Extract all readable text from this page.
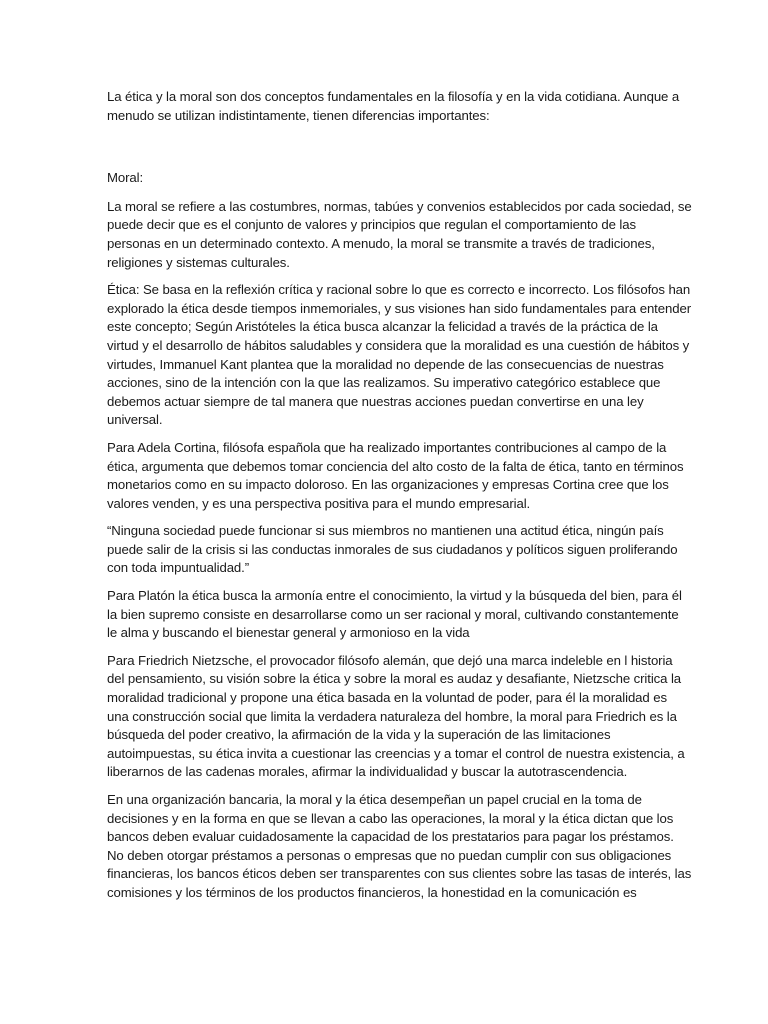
La ética y la moral son dos conceptos fundamentales en la filosofía y en la vida cotidiana. Aunque a menudo se utilizan indistintamente, tienen diferencias importantes:

Moral:

La moral se refiere a las costumbres, normas, tabúes y convenios establecidos por cada sociedad, se puede decir que es el conjunto de valores y principios que regulan el comportamiento de las personas en un determinado contexto. A menudo, la moral se transmite a través de tradiciones, religiones y sistemas culturales.

Ética: Se basa en la reflexión crítica y racional sobre lo que es correcto e incorrecto. Los filósofos han explorado la ética desde tiempos inmemoriales, y sus visiones han sido fundamentales para entender este concepto; Según Aristóteles la ética busca alcanzar la felicidad a través de la práctica de la virtud y el desarrollo de hábitos saludables y considera que la moralidad es una cuestión de hábitos y virtudes, Immanuel Kant plantea que la moralidad no depende de las consecuencias de nuestras acciones, sino de la intención con la que las realizamos. Su imperativo categórico establece que debemos actuar siempre de tal manera que nuestras acciones puedan convertirse en una ley universal.

Para Adela Cortina, filósofa española que ha realizado importantes contribuciones al campo de la ética, argumenta que debemos tomar conciencia del alto costo de la falta de ética, tanto en términos monetarios como en su impacto doloroso. En las organizaciones y empresas Cortina cree que los valores venden, y es una perspectiva positiva para el mundo empresarial.

“Ninguna sociedad puede funcionar si sus miembros no mantienen una actitud ética, ningún país puede salir de la crisis si las conductas inmorales de sus ciudadanos y políticos siguen proliferando con toda impuntualidad.”

Para Platón la ética busca la armonía entre el conocimiento, la virtud y la búsqueda del bien, para él la bien supremo consiste en desarrollarse como un ser racional y moral, cultivando constantemente le alma y buscando el bienestar general y armonioso en la vida

Para Friedrich Nietzsche, el provocador filósofo alemán, que dejó una marca indeleble en l historia del pensamiento, su visión sobre la ética y sobre la moral es audaz y desafiante, Nietzsche critica la moralidad tradicional y propone una ética basada en la voluntad de poder, para él la moralidad es una construcción social que limita la verdadera naturaleza del hombre, la moral para Friedrich es la búsqueda del poder creativo, la afirmación de la vida y la superación de las limitaciones autoimpuestas, su ética invita a cuestionar las creencias y a tomar el control de nuestra existencia, a liberarnos de las cadenas morales, afirmar la individualidad y buscar la autotrascendencia.

En una organización bancaria, la moral y la ética desempeñan un papel crucial en la toma de decisiones y en la forma en que se llevan a cabo las operaciones, la moral y la ética dictan que los bancos deben evaluar cuidadosamente la capacidad de los prestatarios para pagar los préstamos. No deben otorgar préstamos a personas o empresas que no puedan cumplir con sus obligaciones financieras, los bancos éticos deben ser transparentes con sus clientes sobre las tasas de interés, las comisiones y los términos de los productos financieros, la honestidad en la comunicación es
